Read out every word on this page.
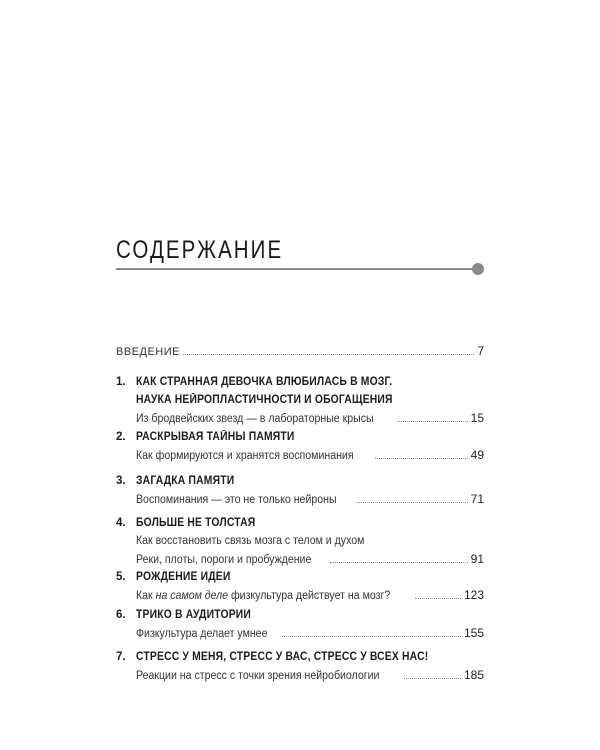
СОДЕРЖАНИЕ
ВВЕДЕНИЕ	7
1. КАК СТРАННАЯ ДЕВОЧКА ВЛЮБИЛАСЬ В МОЗГ.
НАУКА НЕЙРОПЛАСТИЧНОСТИ И ОБОГАЩЕНИЯ
Из бродвейских звезд — в лабораторные крысы	15
2. РАСКРЫВАЯ ТАЙНЫ ПАМЯТИ
Как формируются и хранятся воспоминания	49
3. ЗАГАДКА ПАМЯТИ
Воспоминания — это не только нейроны	71
4. БОЛЬШЕ НЕ ТОЛСТАЯ
Как восстановить связь мозга с телом и духом
Реки, плоты, пороги и пробуждение	91
5. РОЖДЕНИЕ ИДЕИ
Как на самом деле физкультура действует на мозг?	123
6. ТРИКО В АУДИТОРИИ
Физкультура делает умнее	155
7. СТРЕСС У МЕНЯ, СТРЕСС У ВАС, СТРЕСС У ВСЕХ НАС!
Реакции на стресс с точки зрения нейробиологии	185
